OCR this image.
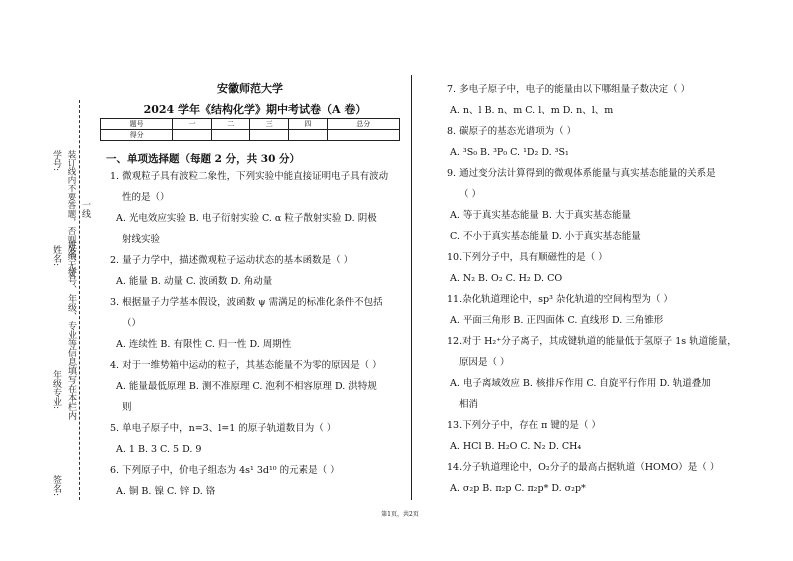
学号:
姓名:
年级专业:
签名:
姓名、学号、年级、专业等信息填写在本栏内
装订线内不要答题，否则成绩无效 一线
安徽师范大学
2024 学年《结构化学》期中考试卷（A 卷）
题号	一	二	三	四	总分
得分					
一、单项选择题（每题 2 分，共 30 分）
1. 微观粒子具有波粒二象性，下列实验中能直接证明电子具有波动
性的是（）
A. 光电效应实验 B. 电子衍射实验 C. α 粒子散射实验 D. 阴极
射线实验
2. 量子力学中，描述微观粒子运动状态的基本函数是（ ）
A. 能量 B. 动量 C. 波函数 D. 角动量
3. 根据量子力学基本假设，波函数 ψ 需满足的标准化条件不包括
（）
A. 连续性 B. 有限性 C. 归一性 D. 周期性
4. 对于一维势箱中运动的粒子，其基态能量不为零的原因是（ ）
A. 能量最低原理 B. 测不准原理 C. 泡利不相容原理 D. 洪特规
则
5. 单电子原子中，n=3、l=1 的原子轨道数目为（ ）
A. 1 B. 3 C. 5 D. 9
6. 下列原子中，价电子组态为 4s¹ 3d¹⁰ 的元素是（ ）
A. 铜 B. 镍 C. 锌 D. 铬
7. 多电子原子中，电子的能量由以下哪组量子数决定（ ）
A. n、l B. n、m C. l、m D. n、l、m
8. 碳原子的基态光谱项为（ ）
A. ³S₀ B. ³P₀ C. ¹D₂ D. ³S₁
9. 通过变分法计算得到的微观体系能量与真实基态能量的关系是
（ ）
A. 等于真实基态能量 B. 大于真实基态能量
C. 不小于真实基态能量 D. 小于真实基态能量
10.下列分子中，具有顺磁性的是（ ）
A. N₂ B. O₂ C. H₂ D. CO
11.杂化轨道理论中，sp³ 杂化轨道的空间构型为（ ）
A. 平面三角形 B. 正四面体 C. 直线形 D. 三角锥形
12.对于 H₂⁺分子离子，其成键轨道的能量低于氢原子 1s 轨道能量，
原因是（ ）
A. 电子离域效应 B. 核排斥作用 C. 自旋平行作用 D. 轨道叠加
相消
13.下列分子中，存在 π 键的是（ ）
A. HCl B. H₂O C. N₂ D. CH₄
14.分子轨道理论中，O₂分子的最高占据轨道（HOMO）是（ ）
A. σ₂p B. π₂p C. π₂p* D. σ₂p*
第1页，共2页
